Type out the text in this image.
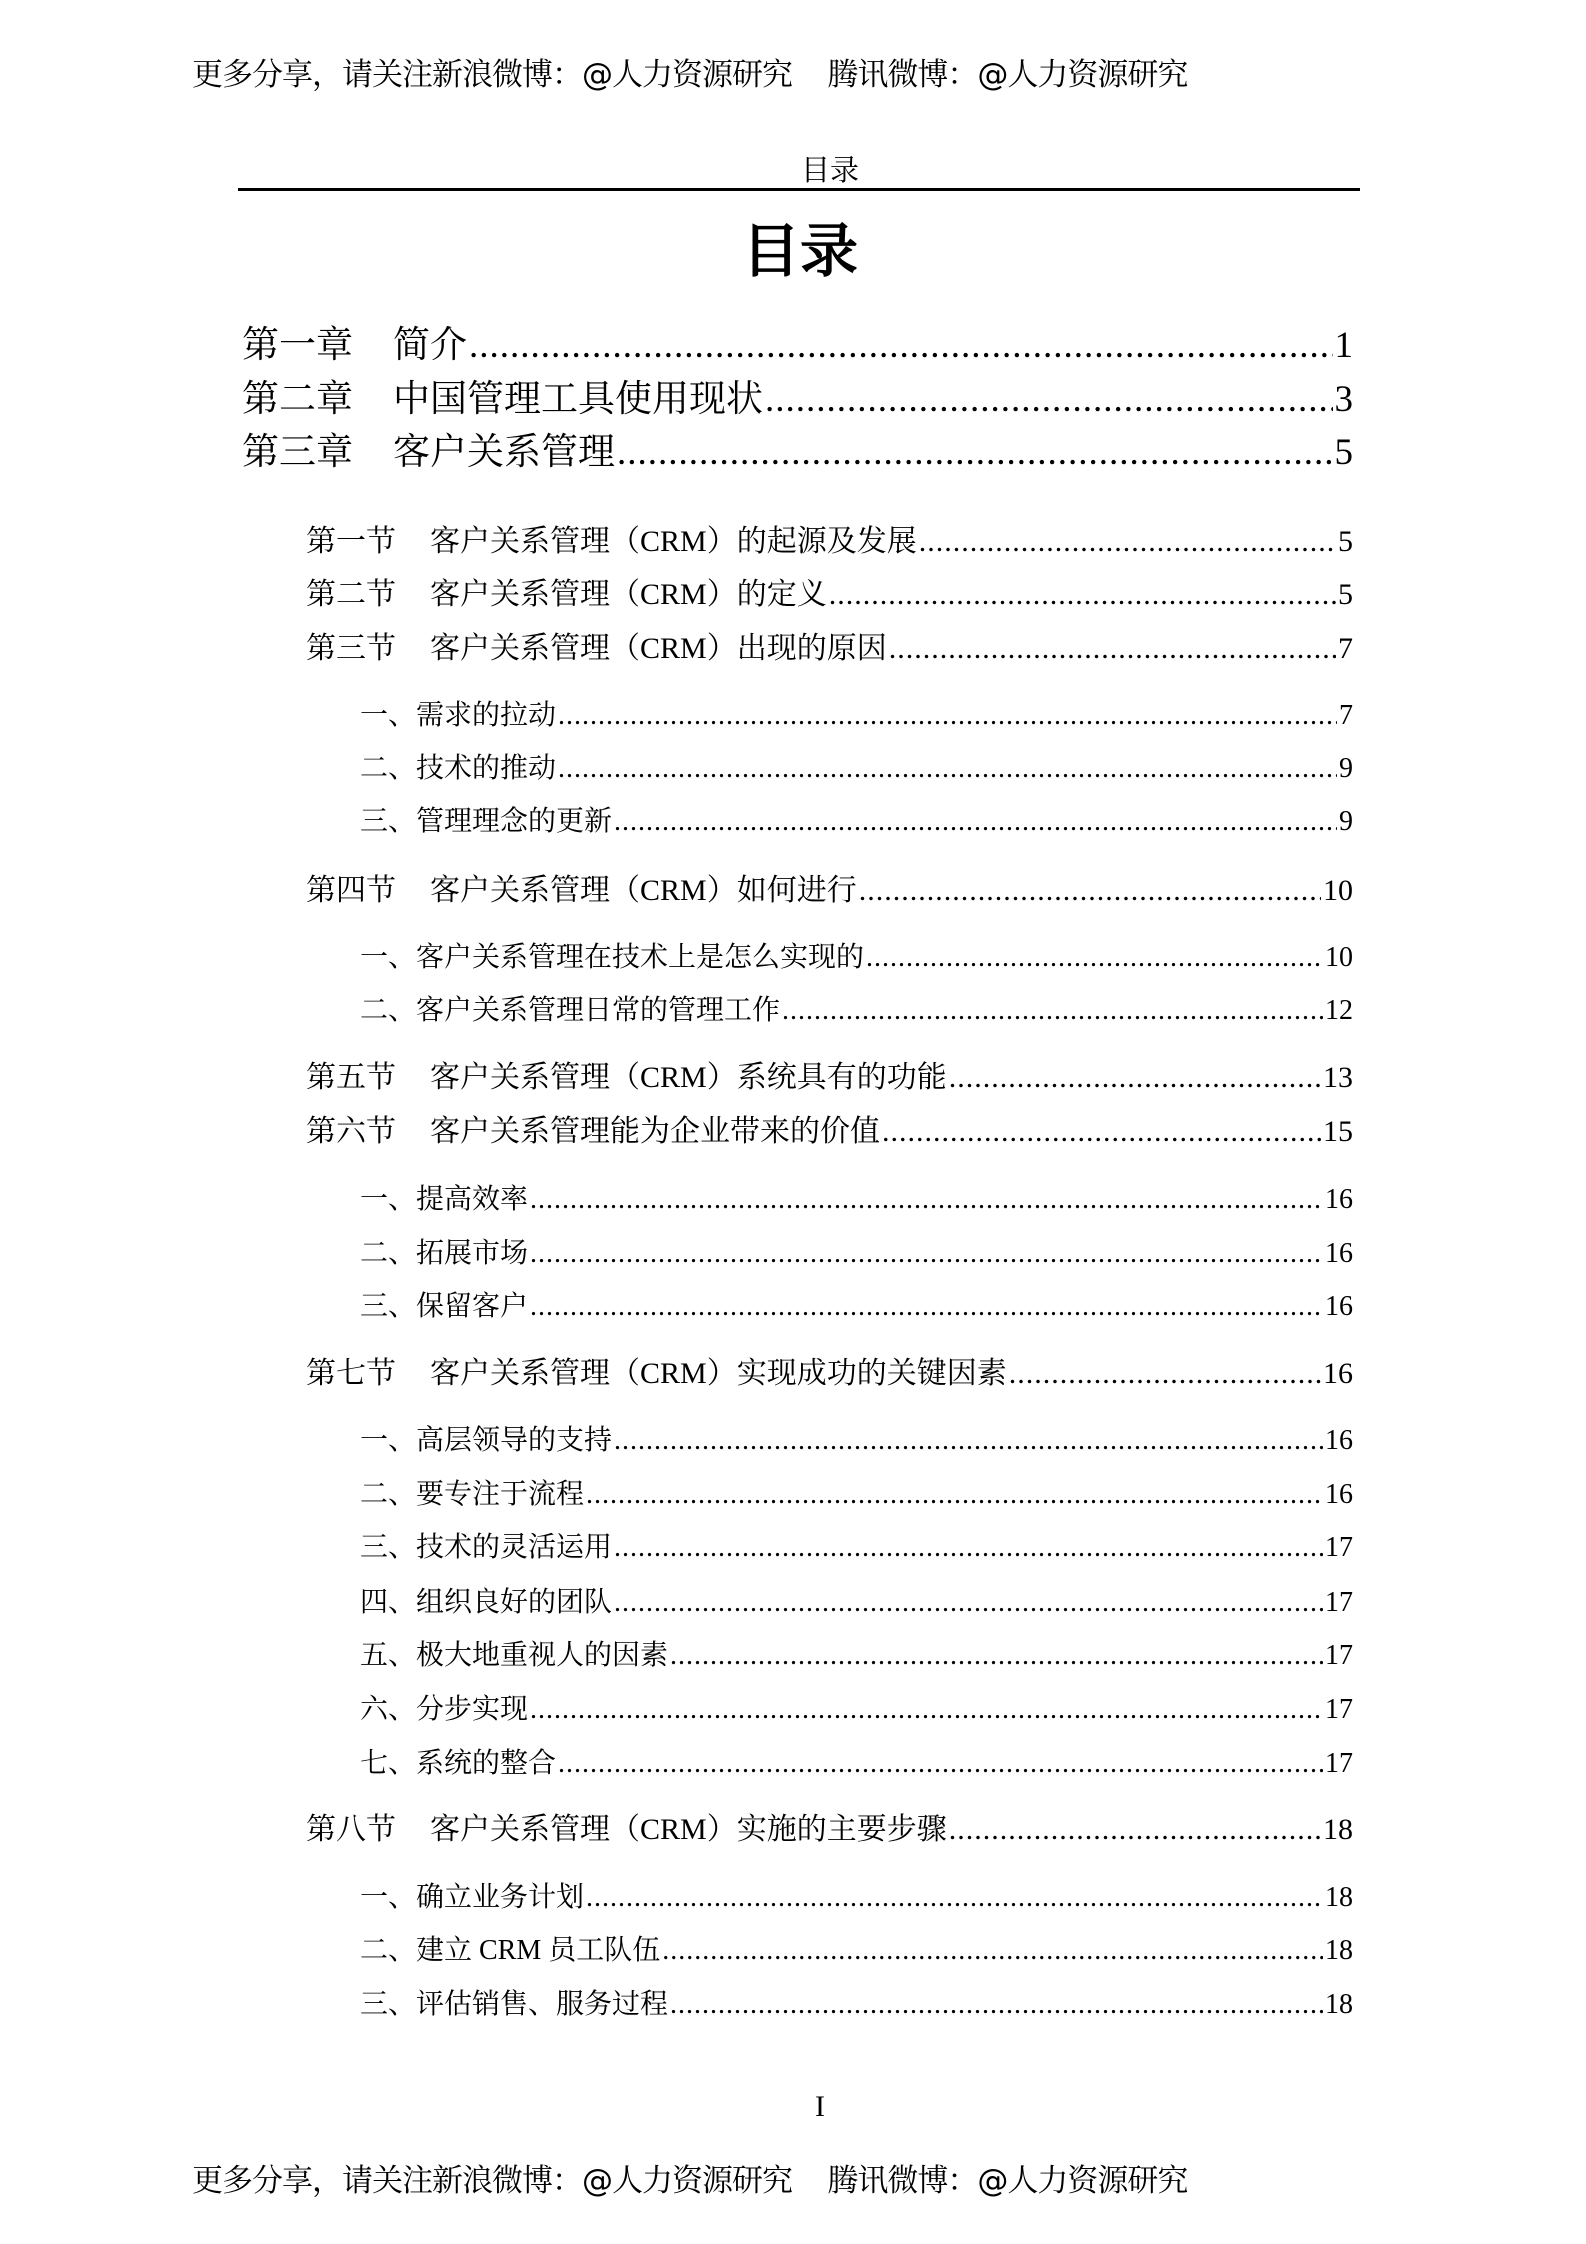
更多分享，请关注新浪微博：@人力资源研究    腾讯微博：@人力资源研究
目录
目录
第一章 简介 .....	1
第二章 中国管理工具使用现状 .....	3
第三章 客户关系管理 .....	5
第一节 客户关系管理（CRM）的起源及发展 .....	5
第二节 客户关系管理（CRM）的定义 .....	5
第三节 客户关系管理（CRM）出现的原因 .....	7
一、需求的拉动 .....	7
二、技术的推动 .....	9
三、管理理念的更新 .....	9
第四节 客户关系管理（CRM）如何进行 .....	10
一、客户关系管理在技术上是怎么实现的 .....	10
二、客户关系管理日常的管理工作 .....	12
第五节 客户关系管理（CRM）系统具有的功能 .....	13
第六节 客户关系管理能为企业带来的价值 .....	15
一、提高效率 .....	16
二、拓展市场 .....	16
三、保留客户 .....	16
第七节 客户关系管理（CRM）实现成功的关键因素 .....	16
一、高层领导的支持 .....	16
二、要专注于流程 .....	16
三、技术的灵活运用 .....	17
四、组织良好的团队 .....	17
五、极大地重视人的因素 .....	17
六、分步实现 .....	17
七、系统的整合 .....	17
第八节 客户关系管理（CRM）实施的主要步骤 .....	18
一、确立业务计划 .....	18
二、建立 CRM 员工队伍 .....	18
三、评估销售、服务过程 .....	18
I
更多分享，请关注新浪微博：@人力资源研究    腾讯微博：@人力资源研究
